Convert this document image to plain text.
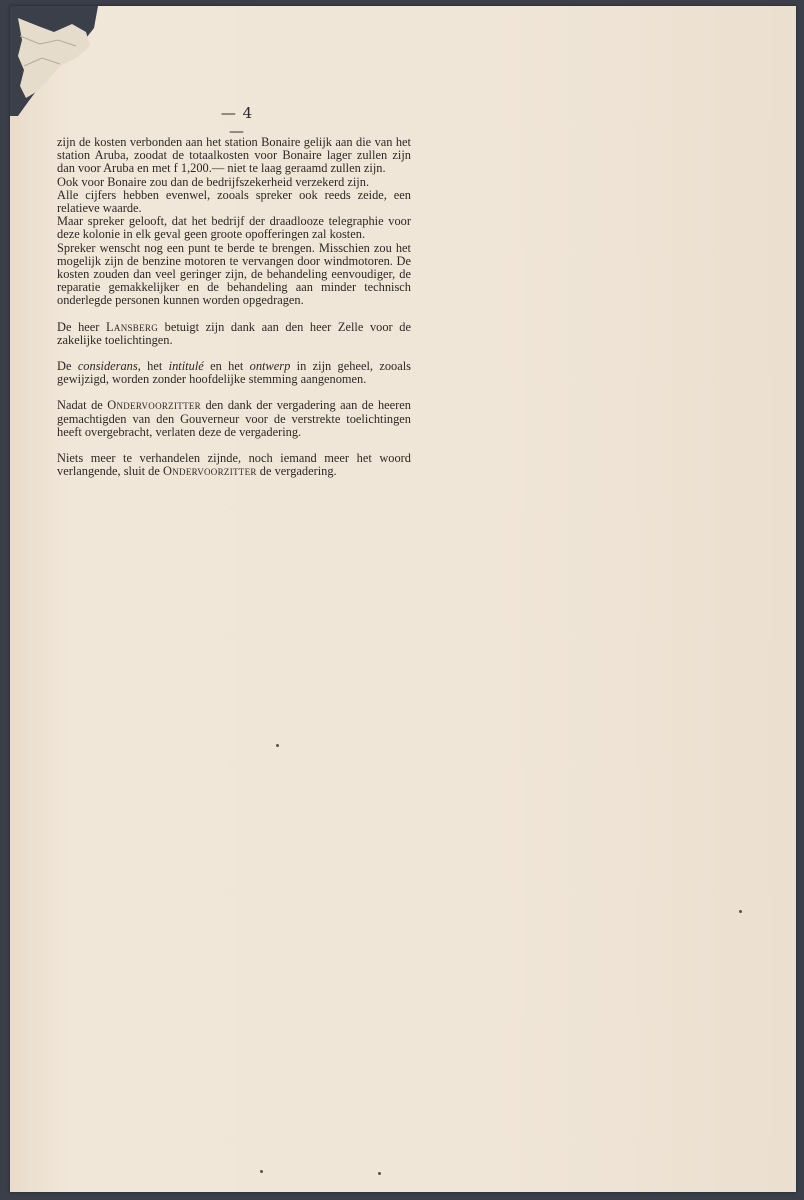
— 4 —

zijn de kosten verbonden aan het station Bonaire gelijk aan die van het station Aruba, zoodat de totaalkosten voor Bonaire lager zullen zijn dan voor Aruba en met f 1,200.— niet te laag geraamd zullen zijn.

Ook voor Bonaire zou dan de bedrijfszekerheid verzekerd zijn.

Alle cijfers hebben evenwel, zooals spreker ook reeds zeide, een relatieve waarde.

Maar spreker gelooft, dat het bedrijf der draadlooze telegraphie voor deze kolonie in elk geval geen groote opofferingen zal kosten.

Spreker wenscht nog een punt te berde te brengen. Misschien zou het mogelijk zijn de benzine motoren te vervangen door windmotoren. De kosten zouden dan veel geringer zijn, de behandeling eenvoudiger, de reparatie gemakkelijker en de behandeling aan minder technisch onderlegde personen kunnen worden opgedragen.

De heer Lansberg betuigt zijn dank aan den heer Zelle voor de zakelijke toelichtingen.

De considerans, het intitulé en het ontwerp in zijn geheel, zooals gewijzigd, worden zonder hoofdelijke stemming aangenomen.

Nadat de Ondervoorzitter den dank der vergadering aan de heeren gemachtigden van den Gouverneur voor de verstrekte toelichtingen heeft overgebracht, verlaten deze de vergadering.

Niets meer te verhandelen zijnde, noch iemand meer het woord verlangende, sluit de Ondervoorzitter de vergadering.
